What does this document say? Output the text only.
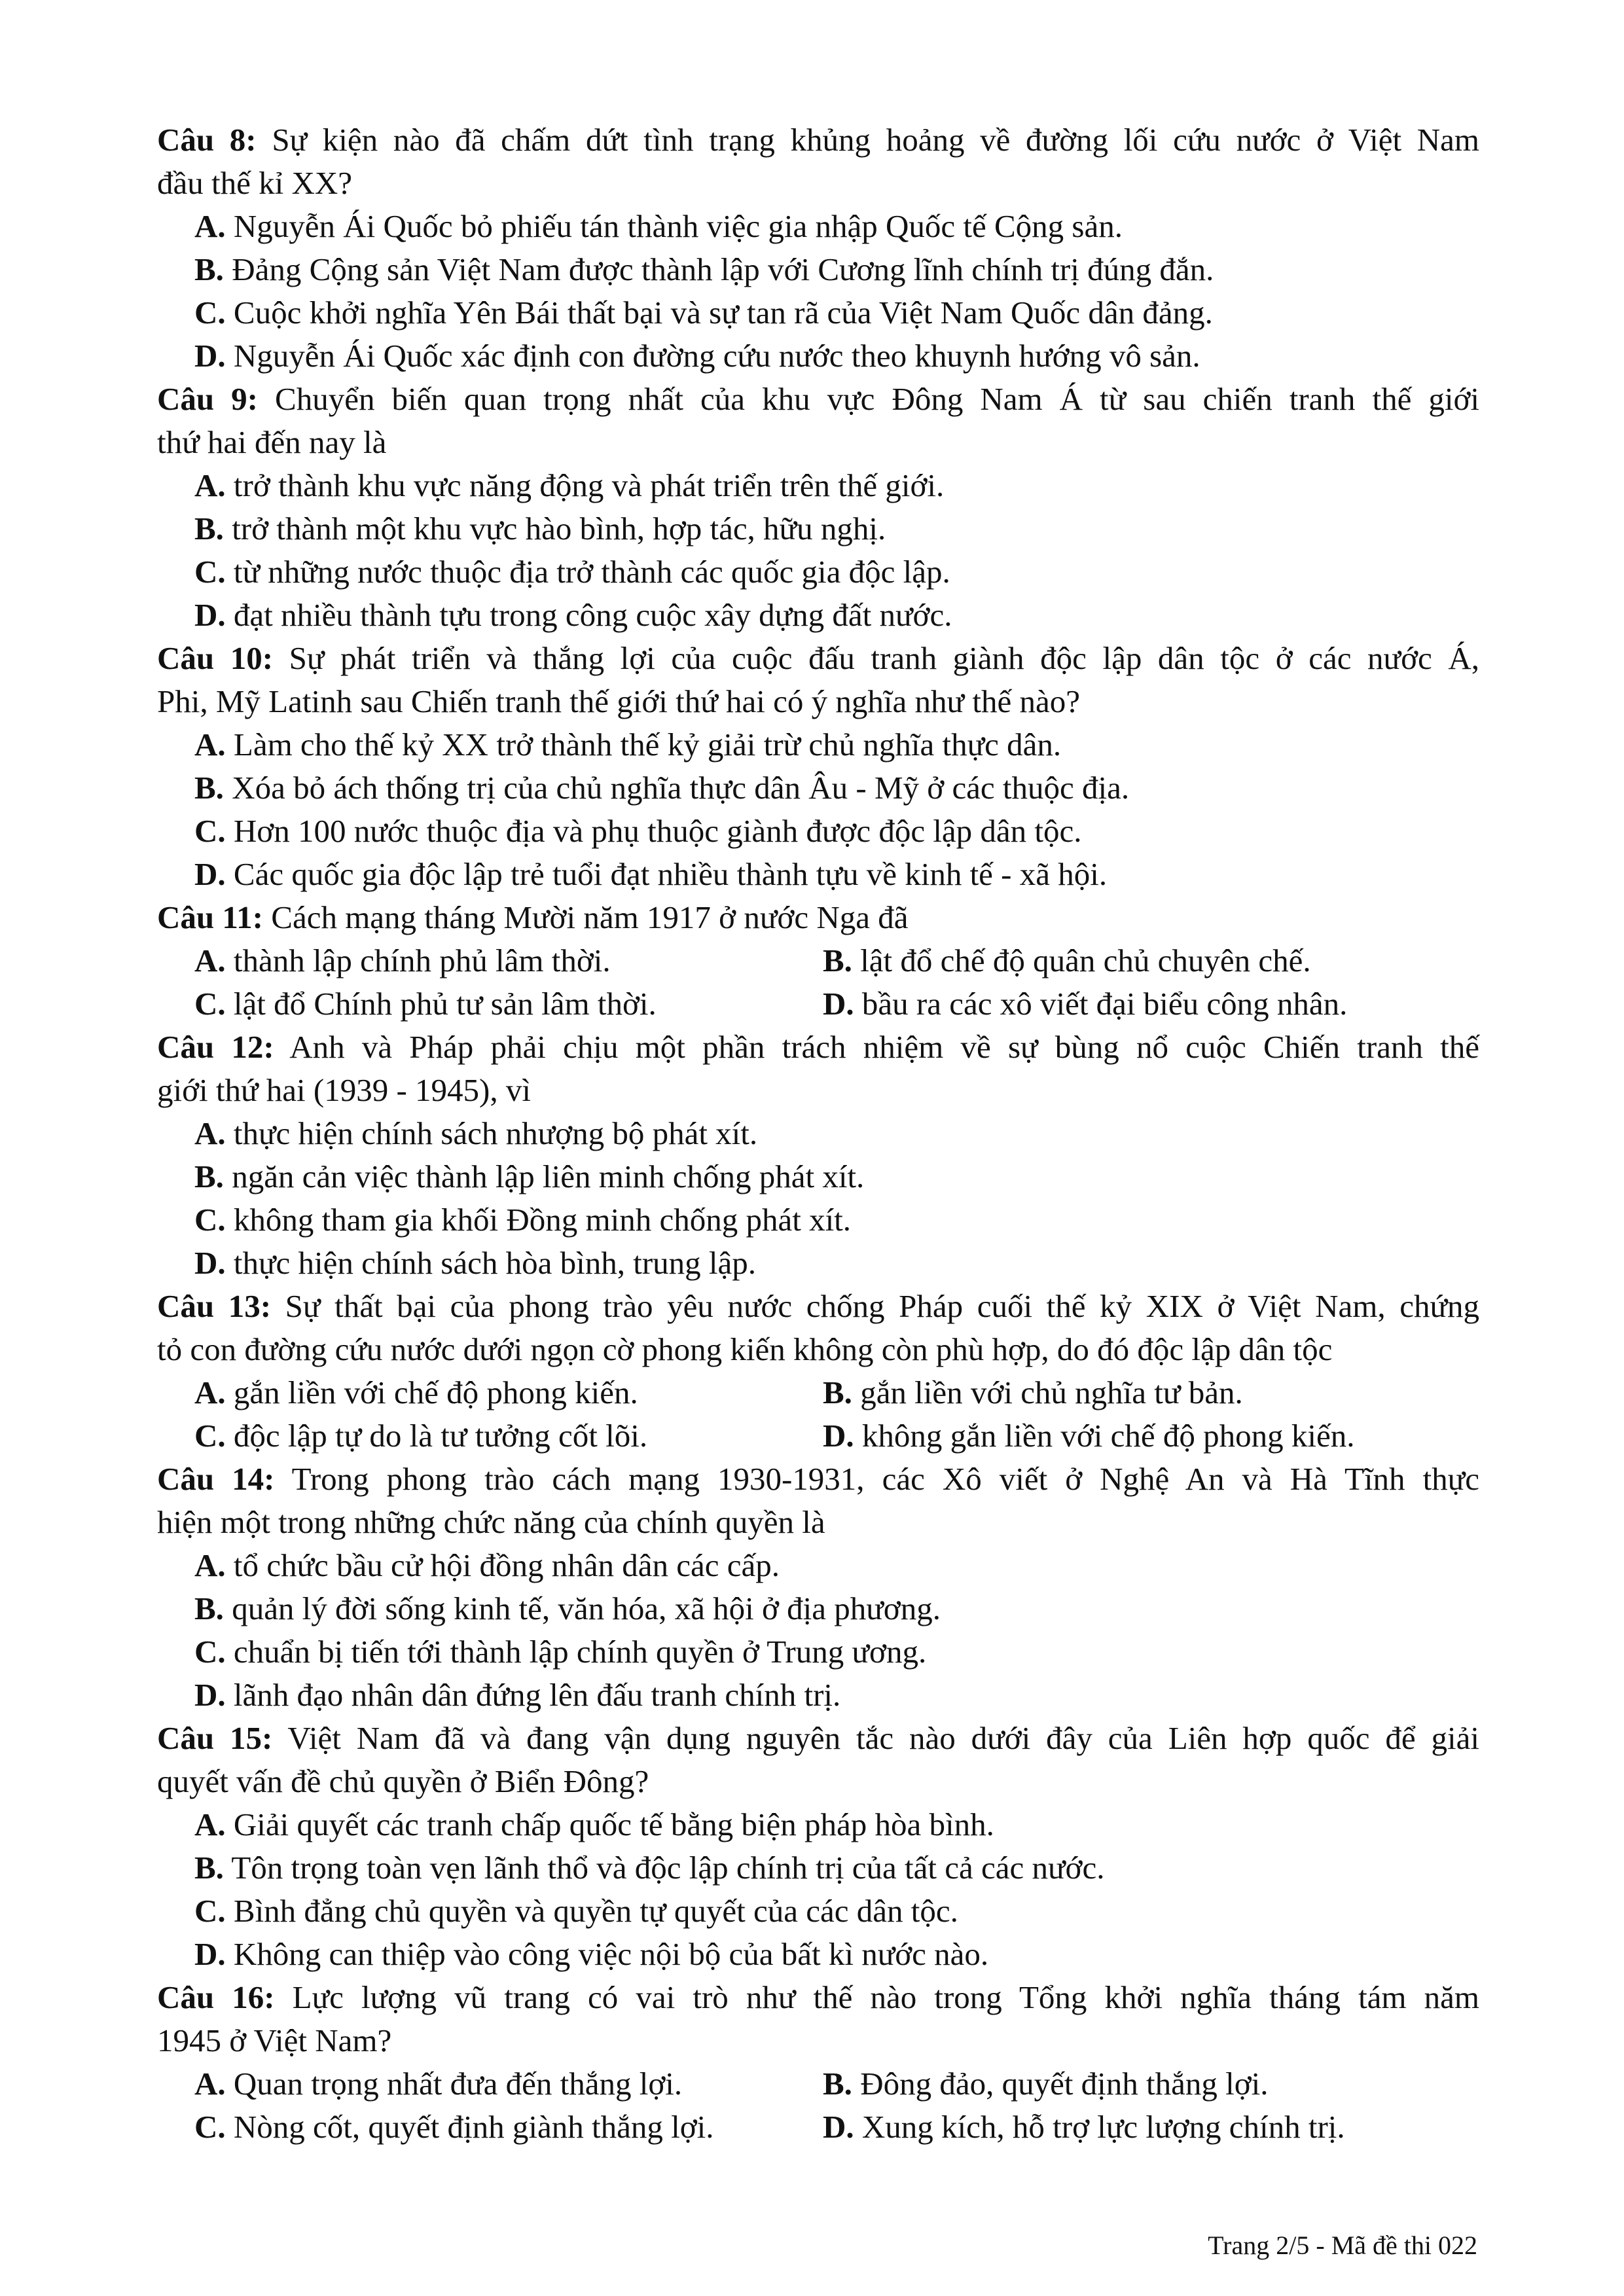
Câu 8: Sự kiện nào đã chấm dứt tình trạng khủng hoảng về đường lối cứu nước ở Việt Nam
đầu thế kỉ XX?
A. Nguyễn Ái Quốc bỏ phiếu tán thành việc gia nhập Quốc tế Cộng sản.
B. Đảng Cộng sản Việt Nam được thành lập với Cương lĩnh chính trị đúng đắn.
C. Cuộc khởi nghĩa Yên Bái thất bại và sự tan rã của Việt Nam Quốc dân đảng.
D. Nguyễn Ái Quốc xác định con đường cứu nước theo khuynh hướng vô sản.
Câu 9: Chuyển biến quan trọng nhất của khu vực Đông Nam Á từ sau chiến tranh thế giới
thứ hai đến nay là
A. trở thành khu vực năng động và phát triển trên thế giới.
B. trở thành một khu vực hào bình, hợp tác, hữu nghị.
C. từ những nước thuộc địa trở thành các quốc gia độc lập.
D. đạt nhiều thành tựu trong công cuộc xây dựng đất nước.
Câu 10: Sự phát triển và thắng lợi của cuộc đấu tranh giành độc lập dân tộc ở các nước Á,
Phi, Mỹ Latinh sau Chiến tranh thế giới thứ hai có ý nghĩa như thế nào?
A. Làm cho thế kỷ XX trở thành thế kỷ giải trừ chủ nghĩa thực dân.
B. Xóa bỏ ách thống trị của chủ nghĩa thực dân Âu - Mỹ ở các thuộc địa.
C. Hơn 100 nước thuộc địa và phụ thuộc giành được độc lập dân tộc.
D. Các quốc gia độc lập trẻ tuổi đạt nhiều thành tựu về kinh tế - xã hội.
Câu 11: Cách mạng tháng Mười năm 1917 ở nước Nga đã
A. thành lập chính phủ lâm thời.	B. lật đổ chế độ quân chủ chuyên chế.
C. lật đổ Chính phủ tư sản lâm thời.	D. bầu ra các xô viết đại biểu công nhân.
Câu 12: Anh và Pháp phải chịu một phần trách nhiệm về sự bùng nổ cuộc Chiến tranh thế
giới thứ hai (1939 - 1945), vì
A. thực hiện chính sách nhượng bộ phát xít.
B. ngăn cản việc thành lập liên minh chống phát xít.
C. không tham gia khối Đồng minh chống phát xít.
D. thực hiện chính sách hòa bình, trung lập.
Câu 13: Sự thất bại của phong trào yêu nước chống Pháp cuối thế kỷ XIX ở Việt Nam, chứng
tỏ con đường cứu nước dưới ngọn cờ phong kiến không còn phù hợp, do đó độc lập dân tộc
A. gắn liền với chế độ phong kiến.	B. gắn liền với chủ nghĩa tư bản.
C. độc lập tự do là tư tưởng cốt lõi.	D. không gắn liền với chế độ phong kiến.
Câu 14: Trong phong trào cách mạng 1930-1931, các Xô viết ở Nghệ An và Hà Tĩnh thực
hiện một trong những chức năng của chính quyền là
A. tổ chức bầu cử hội đồng nhân dân các cấp.
B. quản lý đời sống kinh tế, văn hóa, xã hội ở địa phương.
C. chuẩn bị tiến tới thành lập chính quyền ở Trung ương.
D. lãnh đạo nhân dân đứng lên đấu tranh chính trị.
Câu 15: Việt Nam đã và đang vận dụng nguyên tắc nào dưới đây của Liên hợp quốc để giải
quyết vấn đề chủ quyền ở Biển Đông?
A. Giải quyết các tranh chấp quốc tế bằng biện pháp hòa bình.
B. Tôn trọng toàn vẹn lãnh thổ và độc lập chính trị của tất cả các nước.
C. Bình đẳng chủ quyền và quyền tự quyết của các dân tộc.
D. Không can thiệp vào công việc nội bộ của bất kì nước nào.
Câu 16: Lực lượng vũ trang có vai trò như thế nào trong Tổng khởi nghĩa tháng tám năm
1945 ở Việt Nam?
A. Quan trọng nhất đưa đến thắng lợi.	B. Đông đảo, quyết định thắng lợi.
C. Nòng cốt, quyết định giành thắng lợi.	D. Xung kích, hỗ trợ lực lượng chính trị.
Trang 2/5 - Mã đề thi 022
